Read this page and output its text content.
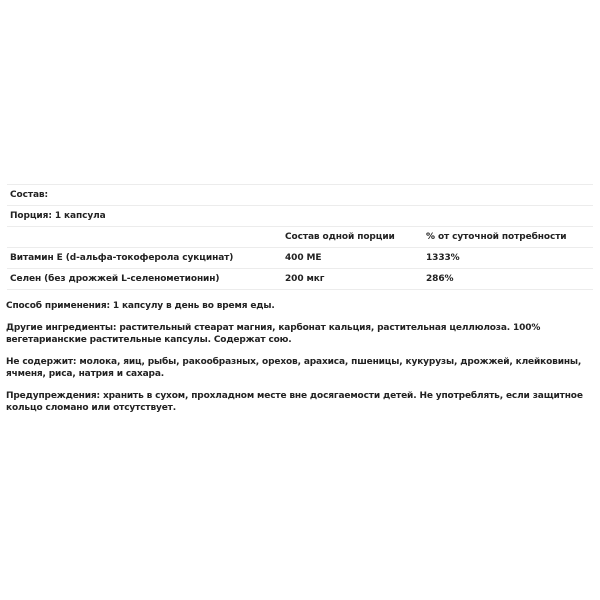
Состав:		
Порция: 1 капсула		
	Состав одной порции	% от суточной потребности
Витамин E (d-альфа-токоферола сукцинат)	400 МЕ	1333%
Селен (без дрожжей L-селенометионин)	200 мкг	286%

Способ применения: 1 капсулу в день во время еды.

Другие ингредиенты: растительный стеарат магния, карбонат кальция, растительная целлюлоза. 100% вегетарианские растительные капсулы. Содержат сою.

Не содержит: молока, яиц, рыбы, ракообразных, орехов, арахиса, пшеницы, кукурузы, дрожжей, клейковины, ячменя, риса, натрия и сахара.

Предупреждения: хранить в сухом, прохладном месте вне досягаемости детей. Не употреблять, если защитное кольцо сломано или отсутствует.
